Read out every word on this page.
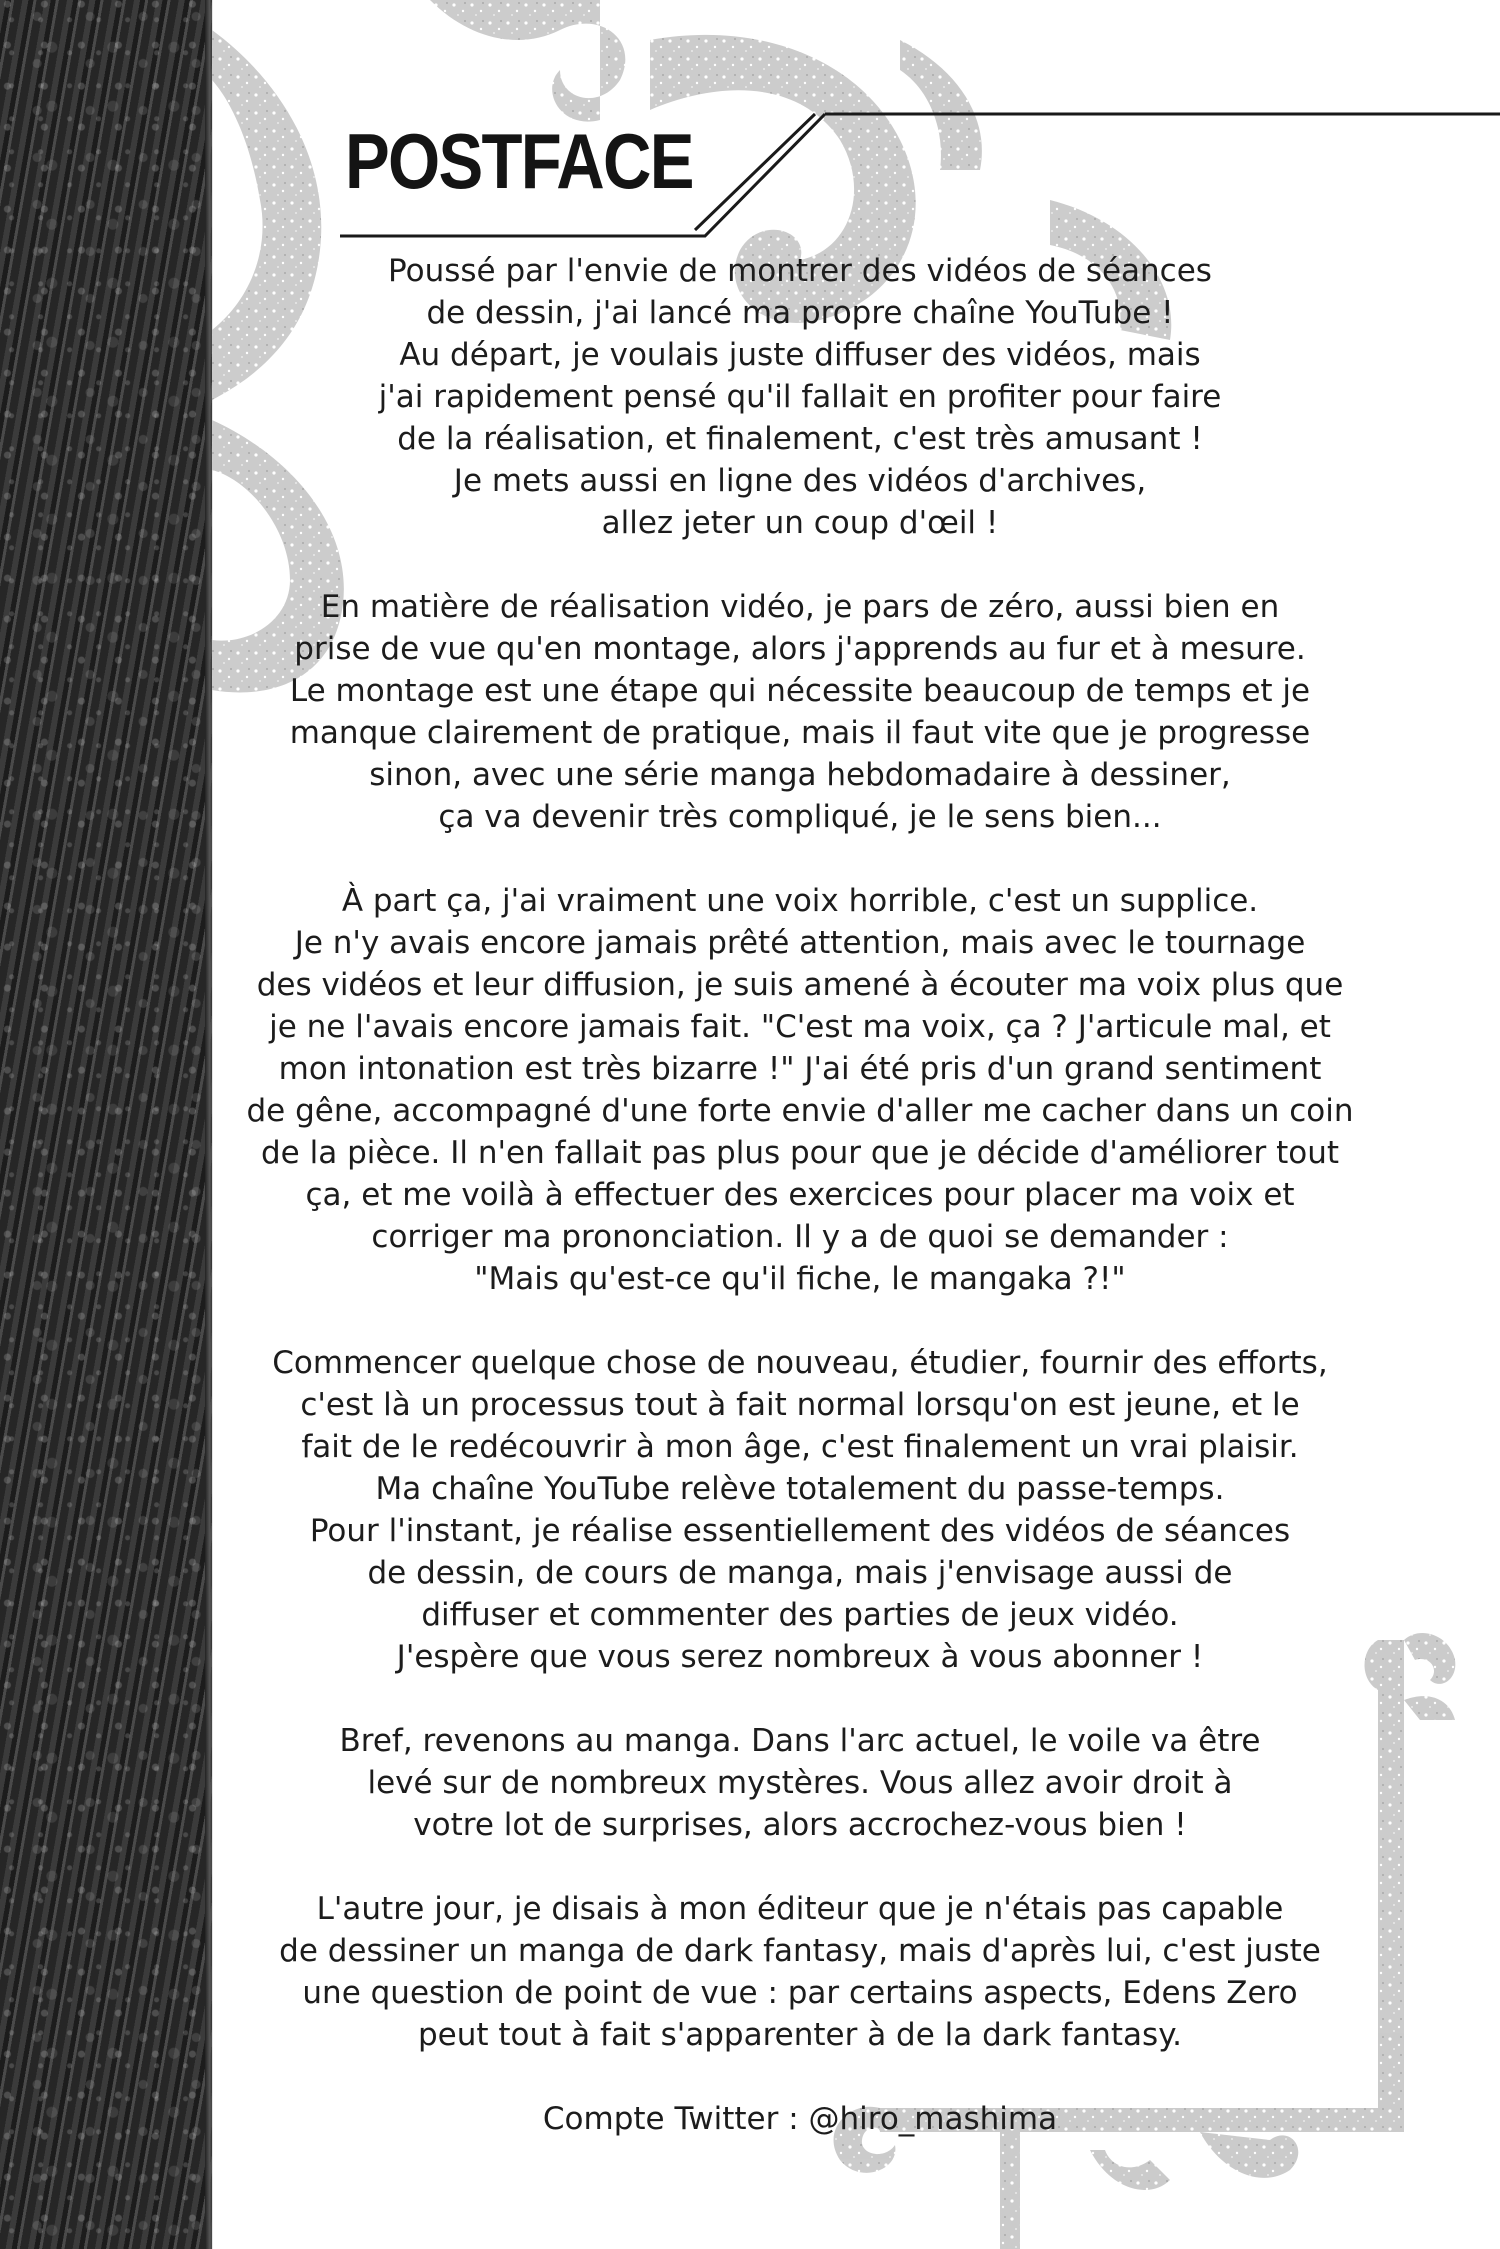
POSTFACE

Poussé par l'envie de montrer des vidéos de séances
de dessin, j'ai lancé ma propre chaîne YouTube !
Au départ, je voulais juste diffuser des vidéos, mais
j'ai rapidement pensé qu'il fallait en profiter pour faire
de la réalisation, et finalement, c'est très amusant !
Je mets aussi en ligne des vidéos d'archives,
allez jeter un coup d'œil !

En matière de réalisation vidéo, je pars de zéro, aussi bien en
prise de vue qu'en montage, alors j'apprends au fur et à mesure.
Le montage est une étape qui nécessite beaucoup de temps et je
manque clairement de pratique, mais il faut vite que je progresse
sinon, avec une série manga hebdomadaire à dessiner,
ça va devenir très compliqué, je le sens bien...

À part ça, j'ai vraiment une voix horrible, c'est un supplice.
Je n'y avais encore jamais prêté attention, mais avec le tournage
des vidéos et leur diffusion, je suis amené à écouter ma voix plus que
je ne l'avais encore jamais fait. "C'est ma voix, ça ? J'articule mal, et
mon intonation est très bizarre !" J'ai été pris d'un grand sentiment
de gêne, accompagné d'une forte envie d'aller me cacher dans un coin
de la pièce. Il n'en fallait pas plus pour que je décide d'améliorer tout
ça, et me voilà à effectuer des exercices pour placer ma voix et
corriger ma prononciation. Il y a de quoi se demander :
"Mais qu'est-ce qu'il fiche, le mangaka ?!"

Commencer quelque chose de nouveau, étudier, fournir des efforts,
c'est là un processus tout à fait normal lorsqu'on est jeune, et le
fait de le redécouvrir à mon âge, c'est finalement un vrai plaisir.
Ma chaîne YouTube relève totalement du passe-temps.
Pour l'instant, je réalise essentiellement des vidéos de séances
de dessin, de cours de manga, mais j'envisage aussi de
diffuser et commenter des parties de jeux vidéo.
J'espère que vous serez nombreux à vous abonner !

Bref, revenons au manga. Dans l'arc actuel, le voile va être
levé sur de nombreux mystères. Vous allez avoir droit à
votre lot de surprises, alors accrochez-vous bien !

L'autre jour, je disais à mon éditeur que je n'étais pas capable
de dessiner un manga de dark fantasy, mais d'après lui, c'est juste
une question de point de vue : par certains aspects, Edens Zero
peut tout à fait s'apparenter à de la dark fantasy.

Compte Twitter : @hiro_mashima
